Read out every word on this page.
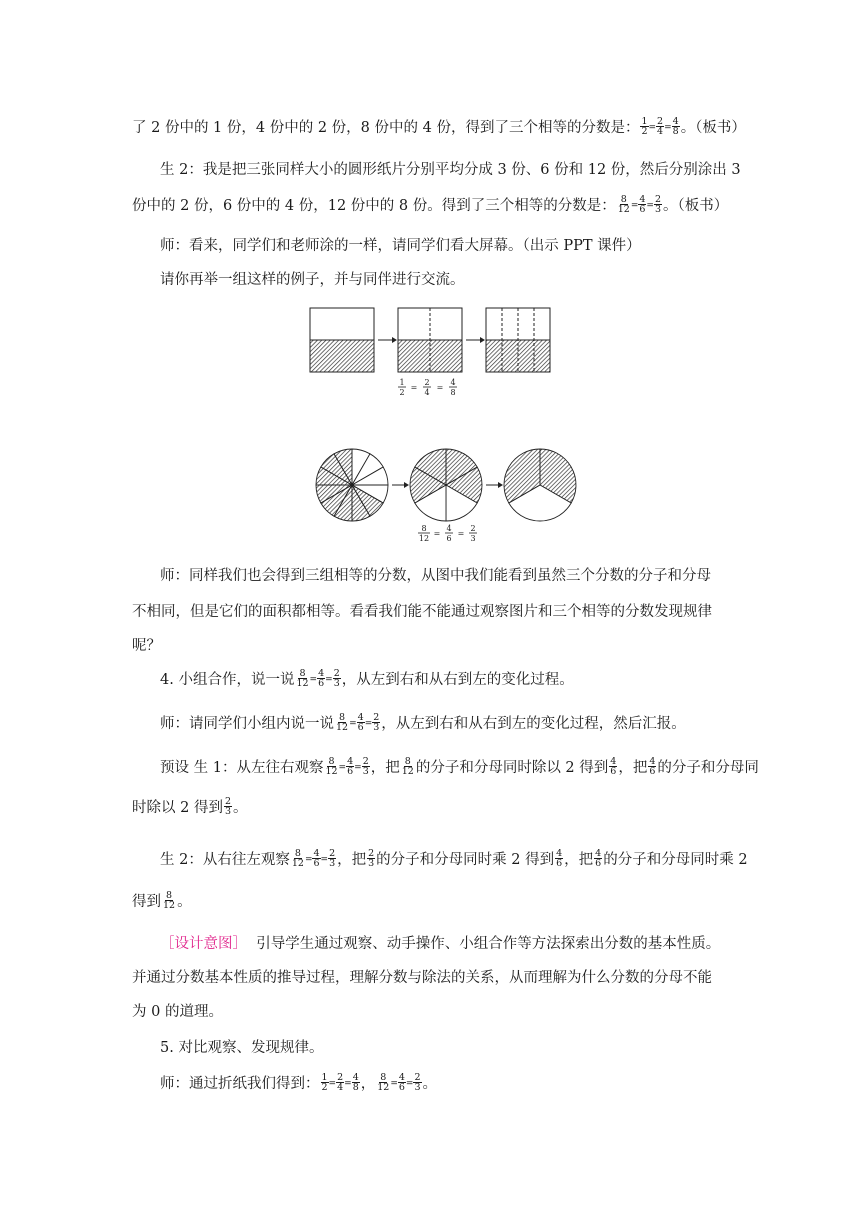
了 2 份中的 1 份，4 份中的 2 份，8 份中的 4 份，得到了三个相等的分数是： $\frac{1}{2} = \frac{2}{4} = \frac{4}{8}$ 。（板书）
生 2：我是把三张同样大小的圆形纸片分别平均分成 3 份、6 份和 12 份，然后分别涂出 3
份中的 2 份，6 份中的 4 份，12 份中的 8 份。得到了三个相等的分数是： $\frac{8}{12} = \frac{4}{6} = \frac{2}{3}$ 。（板书）
师：看来，同学们和老师涂的一样，请同学们看大屏幕。（出示 PPT 课件）
请你再举一组这样的例子，并与同伴进行交流。
1
2
=
2
4
=
4
8
8
12
=
4
6
=
2
3
师：同样我们也会得到三组相等的分数，从图中我们能看到虽然三个分数的分子和分母
不相同，但是它们的面积都相等。看看我们能不能通过观察图片和三个相等的分数发现规律
呢？
4. 小组合作，说一说 $\frac{8}{12} = \frac{4}{6} = \frac{2}{3}$ ，从左到右和从右到左的变化过程。
师：请同学们小组内说一说 $\frac{8}{12} = \frac{4}{6} = \frac{2}{3}$ ，从左到右和从右到左的变化过程，然后汇报。
预设 生 1：从左往右观察 $\frac{8}{12} = \frac{4}{6} = \frac{2}{3}$ ，把 $\frac{8}{12}$ 的分子和分母同时除以 2 得到 $\frac{4}{6}$ ，把 $\frac{4}{6}$ 的分子和分母同
时除以 2 得到 $\frac{2}{3}$ 。
生 2：从右往左观察 $\frac{8}{12} = \frac{4}{6} = \frac{2}{3}$ ，把 $\frac{2}{3}$ 的分子和分母同时乘 2 得到 $\frac{4}{6}$ ，把 $\frac{4}{6}$ 的分子和分母同时乘 2
得到 $\frac{8}{12}$ 。
［设计意图］ 引导学生通过观察、动手操作、小组合作等方法探索出分数的基本性质。
并通过分数基本性质的推导过程，理解分数与除法的关系，从而理解为什么分数的分母不能
为 0 的道理。
5. 对比观察、发现规律。
师：通过折纸我们得到： $\frac{1}{2} = \frac{2}{4} = \frac{4}{8}$ ， $\frac{8}{12} = \frac{4}{6} = \frac{2}{3}$ 。
